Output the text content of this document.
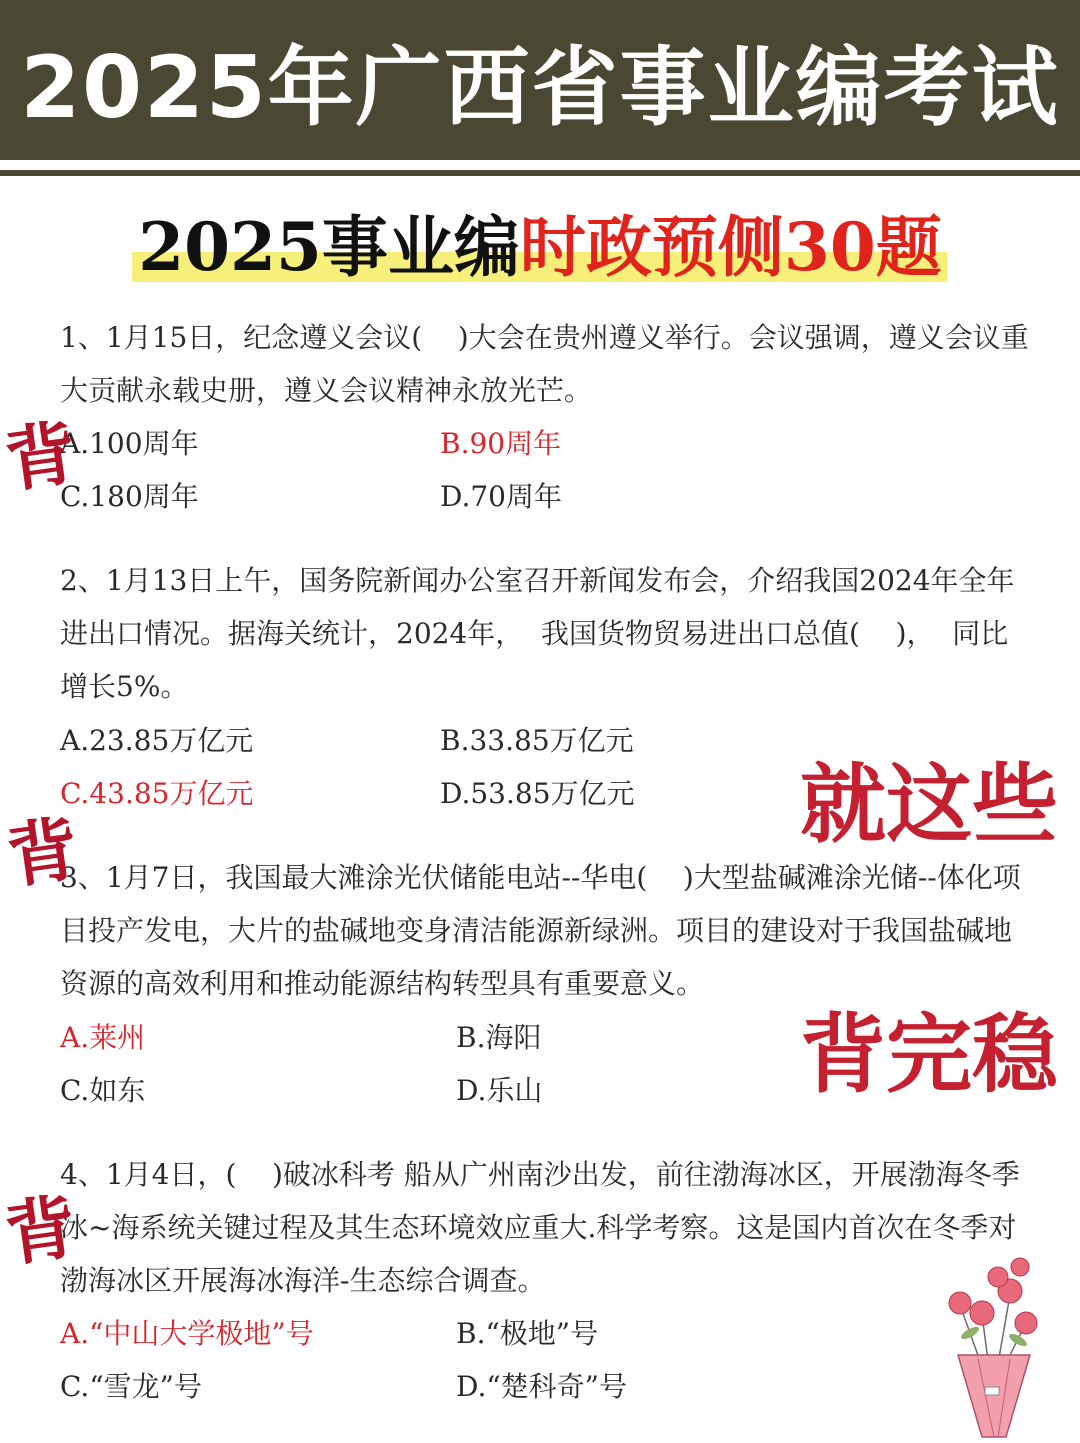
2025年广西省事业编考试
2025事业编时政预侧30题

1、1月15日，纪念遵义会议(    )大会在贵州遵义举行。会议强调，遵义会议重大贡献永载史册，遵义会议精神永放光芒。

A.100周年	B.90周年
C.180周年	D.70周年

2、1月13日上午，国务院新闻办公室召开新闻发布会，介绍我国2024年全年进出口情况。据海关统计，2024年，  我国货物贸易进出口总值(    )，  同比增长5%。

A.23.85万亿元	B.33.85万亿元
C.43.85万亿元	D.53.85万亿元

3、1月7日，我国最大滩涂光伏储能电站--华电(    )大型盐碱滩涂光储--体化项目投产发电，大片的盐碱地变身清洁能源新绿洲。项目的建设对于我国盐碱地资源的高效利用和推动能源结构转型具有重要意义。

A.莱州	B.海阳
C.如东	D.乐山

4、1月4日，(    )破冰科考 船从广州南沙出发，前往渤海冰区，开展渤海冬季冰~海系统关键过程及其生态环境效应重大.科学考察。这是国内首次在冬季对渤海冰区开展海冰海洋-生态综合调查。

A.“中山大学极地”号	B.“极地”号
C.“雪龙”号	D.“楚科奇”号
背
背
背
就这些
背完稳
